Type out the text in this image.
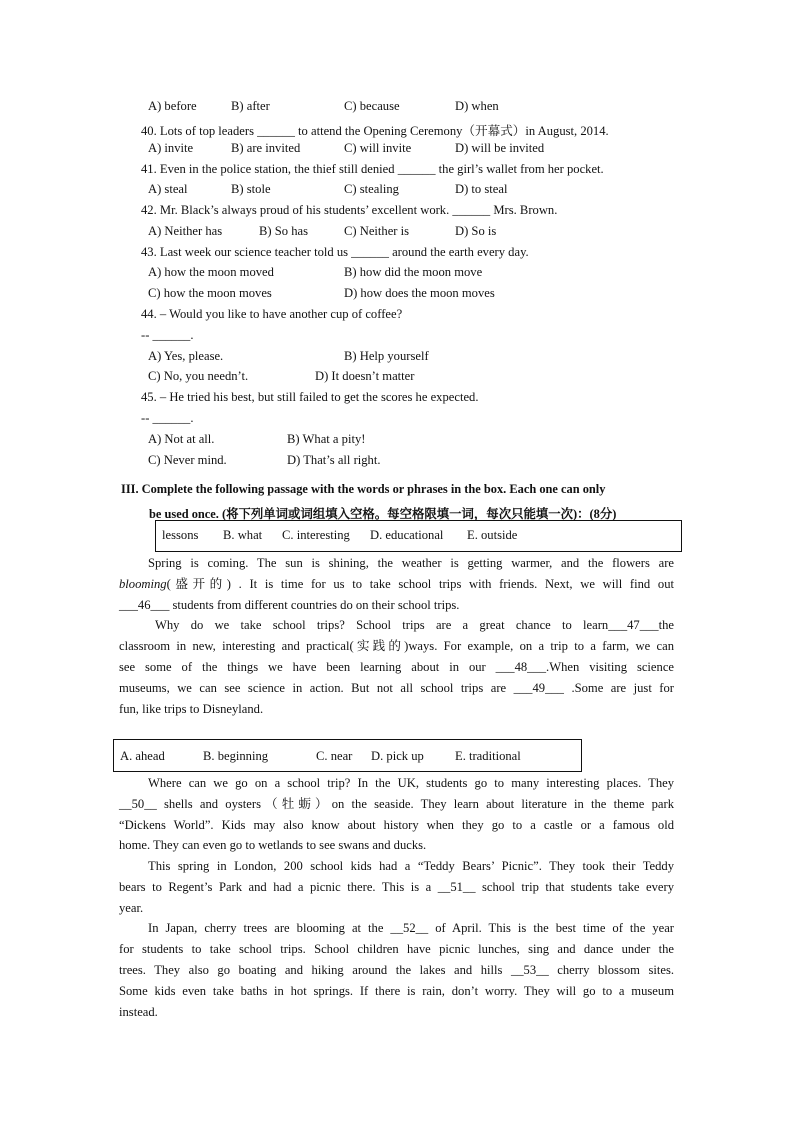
A) before	B) after	C) because	D) when
40. Lots of top leaders ______ to attend the Opening Ceremony（开幕式）in August, 2014.
A) invite	B) are invited	C) will invite	D) will be invited
41. Even in the police station, the thief still denied ______ the girl’s wallet from her pocket.
A) steal	B) stole	C) stealing	D) to steal
42. Mr. Black’s always proud of his students’ excellent work. ______ Mrs. Brown.
A) Neither has	B) So has	C) Neither is	D) So is
43. Last week our science teacher told us ______ around the earth every day.
A) how the moon moved	B) how did the moon move
C) how the moon moves	D) how does the moon moves
44. – Would you like to have another cup of coffee?
-- ______.
A) Yes, please.	B) Help yourself
C) No, you needn’t.	D) It doesn’t matter
45. – He tried his best, but still failed to get the scores he expected.
-- ______.
A) Not at all.	B) What a pity!
C) Never mind.	D) That’s all right.
III. Complete the following passage with the words or phrases in the box. Each one can only
be used once. (将下列单词或词组填入空格。每空格限填一词，每次只能填一次)：(8分)
lessons B. what C. interesting D. educational E. outside
Spring is coming. The sun is shining, the weather is getting warmer, and the flowers are
blooming(盛开的) . It is time for us to take school trips with friends. Next, we will find out
___46___ students from different countries do on their school trips.
Why do we take school trips? School trips are a great chance to learn___47___the
classroom in new, interesting and practical(实践的)ways. For example, on a trip to a farm, we can
see some of the things we have been learning about in our ___48___.When visiting science
museums, we can see science in action. But not all school trips are ___49___ .Some are just for
fun, like trips to Disneyland.
A. ahead	B. beginning	C. near D. pick up E. traditional
Where can we go on a school trip? In the UK, students go to many interesting places. They
__50__ shells and oysters（牡蛎）on the seaside. They learn about literature in the theme park
“Dickens World”. Kids may also know about history when they go to a castle or a famous old
home. They can even go to wetlands to see swans and ducks.
This spring in London, 200 school kids had a “Teddy Bears’ Picnic”. They took their Teddy
bears to Regent’s Park and had a picnic there. This is a __51__ school trip that students take every
year.
In Japan, cherry trees are blooming at the __52__ of April. This is the best time of the year
for students to take school trips. School children have picnic lunches, sing and dance under the
trees. They also go boating and hiking around the lakes and hills __53__ cherry blossom sites.
Some kids even take baths in hot springs. If there is rain, don’t worry. They will go to a museum
instead.
